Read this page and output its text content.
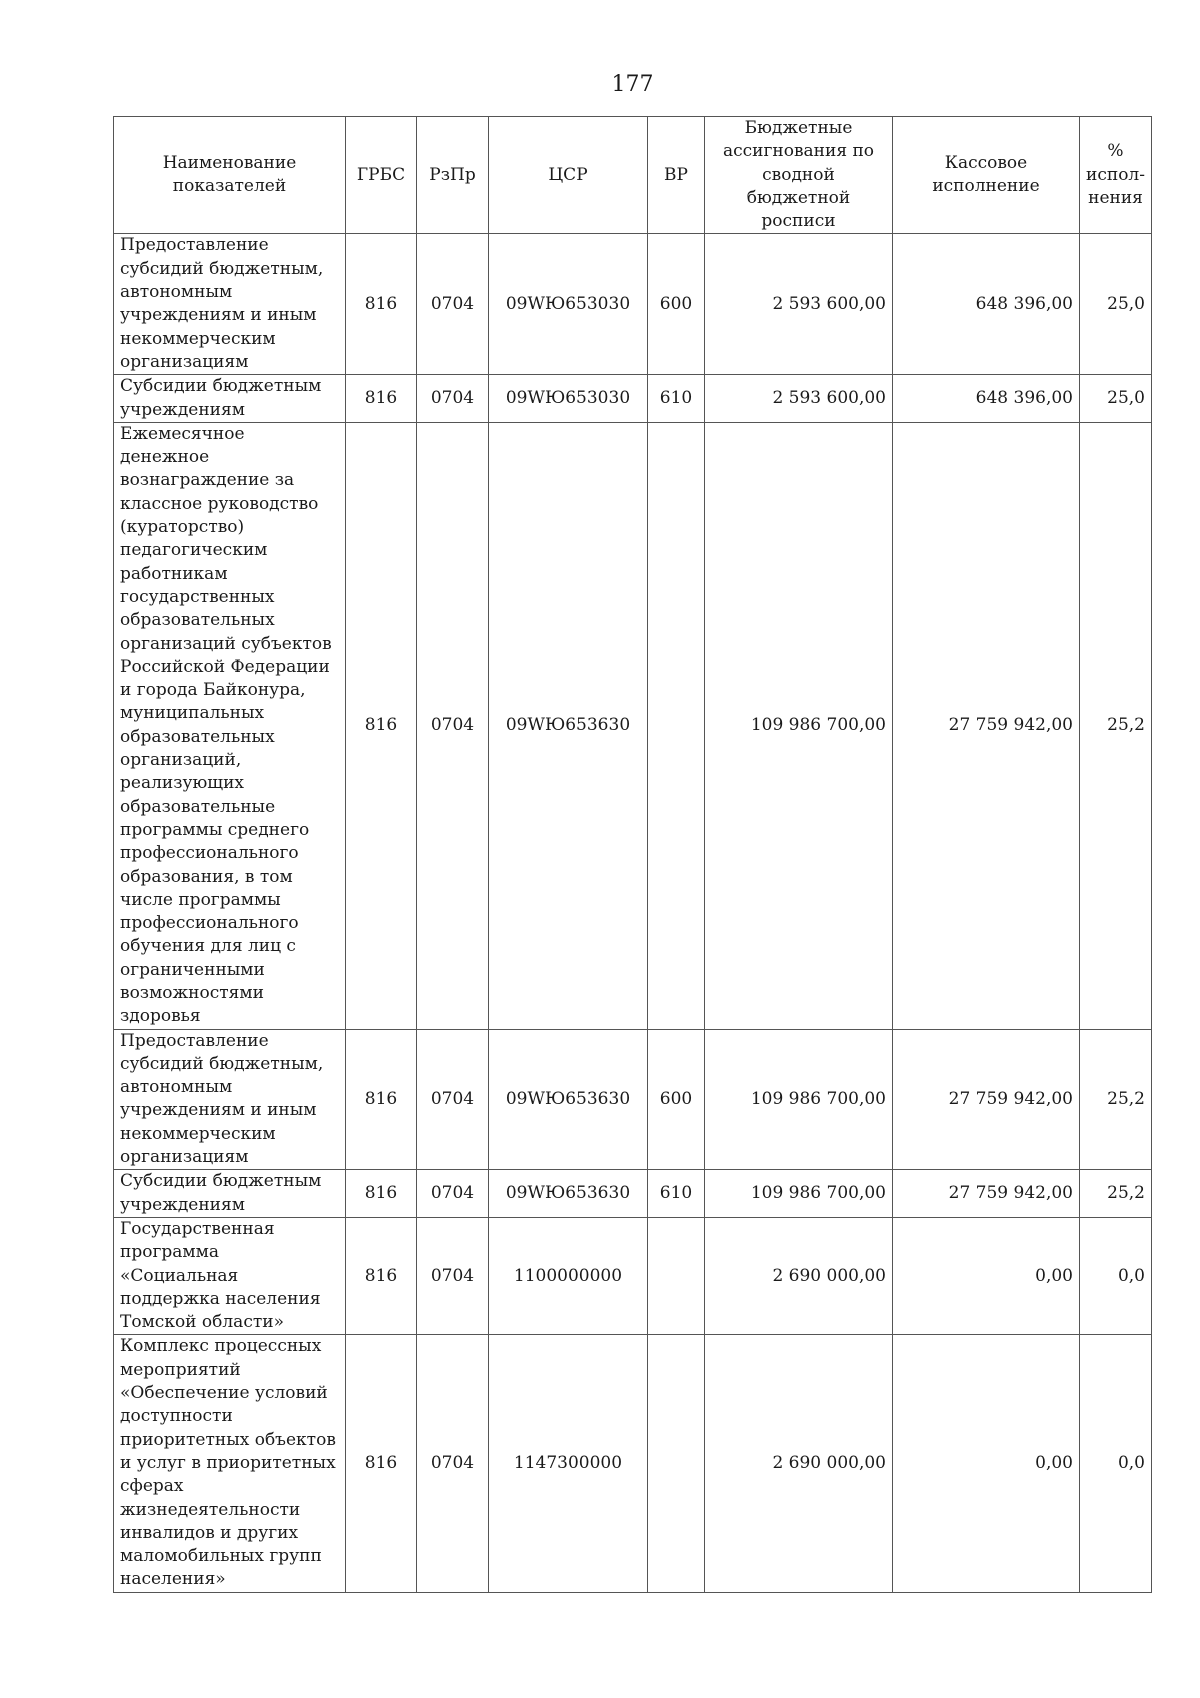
177
Наименование показателей	ГРБС	РзПр	ЦСР	ВР	Бюджетные ассигнования по сводной бюджетной росписи	Кассовое исполнение	% испол-нения
Предоставление субсидий бюджетным, автономным учреждениям и иным некоммерческим организациям	816	0704	09WЮ653030	600	2 593 600,00	648 396,00	25,0
Субсидии бюджетным учреждениям	816	0704	09WЮ653030	610	2 593 600,00	648 396,00	25,0
Ежемесячное денежное вознаграждение за классное руководство (кураторство) педагогическим работникам государственных образовательных организаций субъектов Российской Федерации и города Байконура, муниципальных образовательных организаций, реализующих образовательные программы среднего профессионального образования, в том числе программы профессионального обучения для лиц с ограниченными возможностями здоровья	816	0704	09WЮ653630		109 986 700,00	27 759 942,00	25,2
Предоставление субсидий бюджетным, автономным учреждениям и иным некоммерческим организациям	816	0704	09WЮ653630	600	109 986 700,00	27 759 942,00	25,2
Субсидии бюджетным учреждениям	816	0704	09WЮ653630	610	109 986 700,00	27 759 942,00	25,2
Государственная программа «Социальная поддержка населения Томской области»	816	0704	1100000000		2 690 000,00	0,00	0,0
Комплекс процессных мероприятий «Обеспечение условий доступности приоритетных объектов и услуг в приоритетных сферах жизнедеятельности инвалидов и других маломобильных групп населения»	816	0704	1147300000		2 690 000,00	0,00	0,0
